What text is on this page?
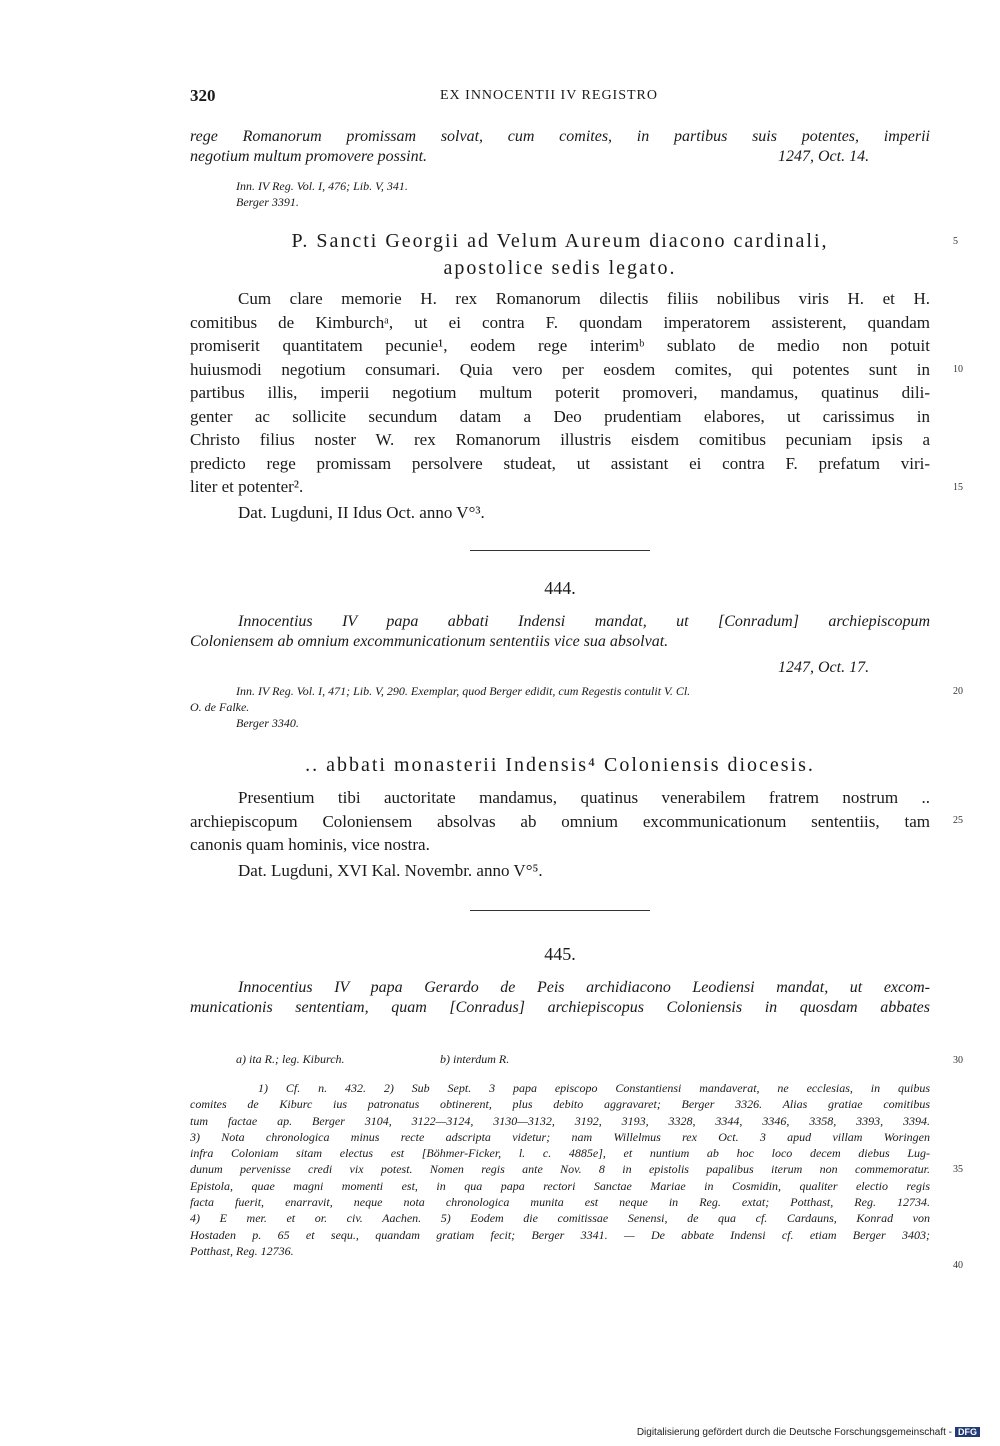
320	EX INNOCENTII IV REGISTRO
rege Romanorum promissam solvat, cum comites, in partibus suis potentes, imperii
negotium multum promovere possint.	1247, Oct. 14.
Inn. IV Reg. Vol. I, 476; Lib. V, 341.
Berger 3391.
P. Sancti Georgii ad Velum Aureum diacono cardinali,
apostolice sedis legato.
Cum clare memorie H. rex Romanorum dilectis filiis nobilibus viris H. et H.
comitibus de Kimburchᵃ, ut ei contra F. quondam imperatorem assisterent, quandam
promiserit quantitatem pecunie¹, eodem rege interimᵇ sublato de medio non potuit
huiusmodi negotium consumari. Quia vero per eosdem comites, qui potentes sunt in
partibus illis, imperii negotium multum poterit promoveri, mandamus, quatinus dili-
genter ac sollicite secundum datam a Deo prudentiam elabores, ut carissimus in
Christo filius noster W. rex Romanorum illustris eisdem comitibus pecuniam ipsis a
predicto rege promissam persolvere studeat, ut assistant ei contra F. prefatum viri-
liter et potenter².
Dat. Lugduni, II Idus Oct. anno V°³.
444.
Innocentius IV papa abbati Indensi mandat, ut [Conradum] archiepiscopum
Coloniensem ab omnium excommunicationum sententiis vice sua absolvat.
1247, Oct. 17.
Inn. IV Reg. Vol. I, 471; Lib. V, 290. Exemplar, quod Berger edidit, cum Regestis contulit V. Cl.
O. de Falke.
Berger 3340.
.. abbati monasterii Indensis⁴ Coloniensis diocesis.
Presentium tibi auctoritate mandamus, quatinus venerabilem fratrem nostrum ..
archiepiscopum Coloniensem absolvas ab omnium excommunicationum sententiis, tam
canonis quam hominis, vice nostra.
Dat. Lugduni, XVI Kal. Novembr. anno V°⁵.
445.
Innocentius IV papa Gerardo de Peis archidiacono Leodiensi mandat, ut excom-
municationis sententiam, quam [Conradus] archiepiscopus Coloniensis in quosdam abbates
a) ita R.; leg. Kiburch.	b) interdum R.
1) Cf. n. 432. 2) Sub Sept. 3 papa episcopo Constantiensi mandaverat, ne ecclesias, in quibus
comites de Kiburc ius patronatus obtinerent, plus debito aggravaret; Berger 3326. Alias gratiae comitibus
tum factae ap. Berger 3104, 3122—3124, 3130—3132, 3192, 3193, 3328, 3344, 3346, 3358, 3393, 3394.
3) Nota chronologica minus recte adscripta videtur; nam Willelmus rex Oct. 3 apud villam Woringen
infra Coloniam sitam electus est [Böhmer-Ficker, l. c. 4885e], et nuntium ab hoc loco decem diebus Lug-
dunum pervenisse credi vix potest. Nomen regis ante Nov. 8 in epistolis papalibus iterum non commemoratur.
Epistola, quae magni momenti est, in qua papa rectori Sanctae Mariae in Cosmidin, qualiter electio regis
facta fuerit, enarravit, neque nota chronologica munita est neque in Reg. extat; Potthast, Reg. 12734.
4) E mer. et or. civ. Aachen. 5) Eodem die comitissae Senensi, de qua cf. Cardauns, Konrad von
Hostaden p. 65 et sequ., quandam gratiam fecit; Berger 3341. — De abbate Indensi cf. etiam Berger 3403;
Potthast, Reg. 12736.
5
10
15
20
25
30
35
40
Digitalisierung gefördert durch die Deutsche Forschungsgemeinschaft - DFG
